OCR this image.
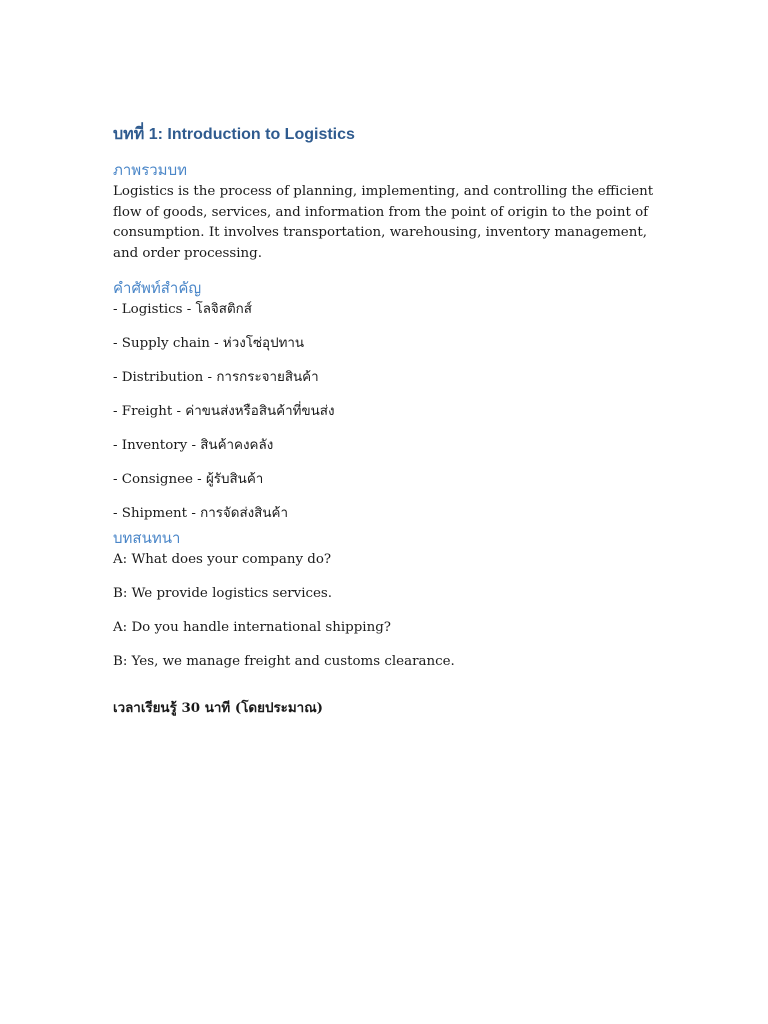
บทที่ 1: Introduction to Logistics
ภาพรวมบท

Logistics is the process of planning, implementing, and controlling the efficient flow of goods, services, and information from the point of origin to the point of consumption. It involves transportation, warehousing, inventory management, and order processing.

คำศัพท์สำคัญ
- Logistics - โลจิสติกส์
- Supply chain - ห่วงโซ่อุปทาน
- Distribution - การกระจายสินค้า
- Freight - ค่าขนส่งหรือสินค้าที่ขนส่ง
- Inventory - สินค้าคงคลัง
- Consignee - ผู้รับสินค้า
- Shipment - การจัดส่งสินค้า
บทสนทนา
A: What does your company do?
B: We provide logistics services.
A: Do you handle international shipping?
B: Yes, we manage freight and customs clearance.

เวลาเรียนรู้ 30 นาที (โดยประมาณ)
